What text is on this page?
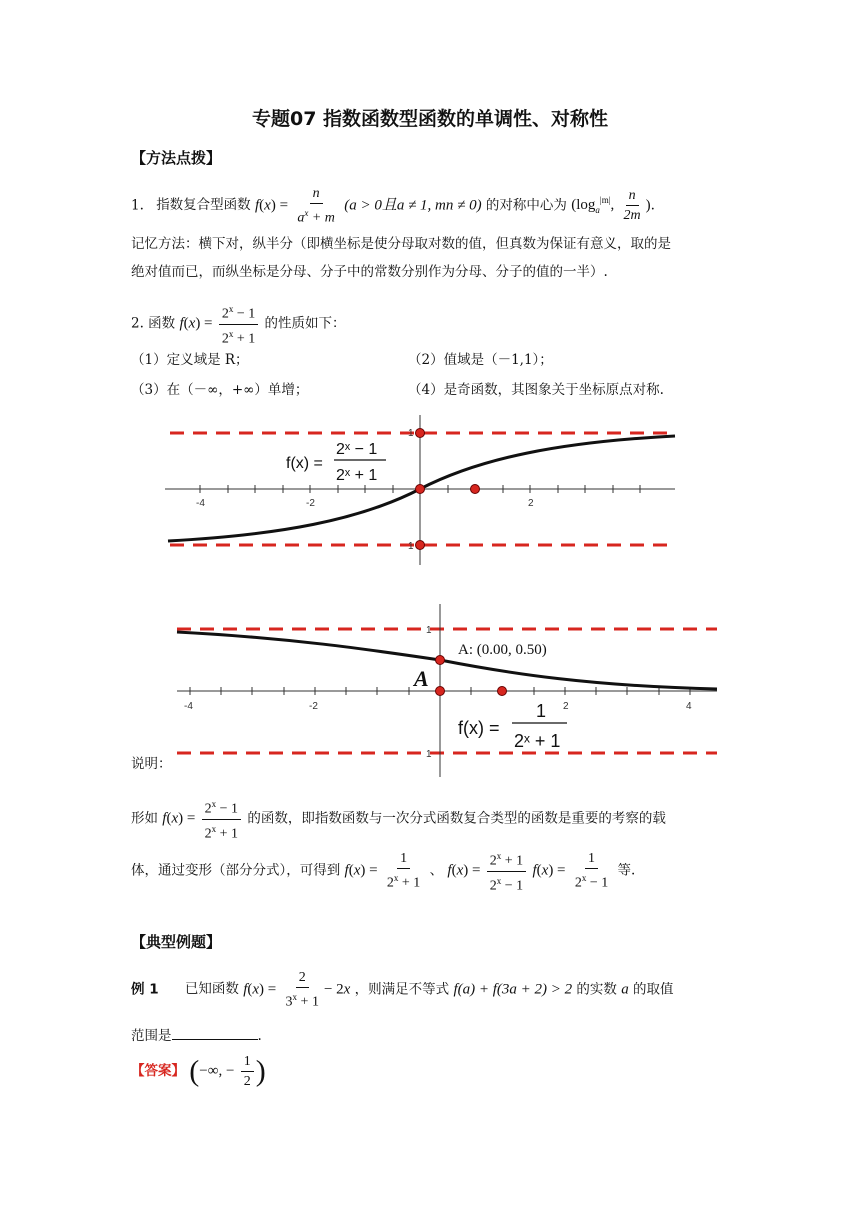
专题07 指数函数型函数的单调性、对称性
【方法点拨】
1. 指数复合型函数 $f(x) = \frac{n}{a^x + m} (a > 0$且a ≠ 1, mn ≠ 0) 的对称中心为 ($\log_a^{|m|}$, $\frac{n}{2m}$ ).
记忆方法：横下对，纵半分（即横坐标是使分母取对数的值，但真数为保证有意义，取的是
绝对值而已，而纵坐标是分母、分子中的常数分别作为分母、分子的值的一半）.
2. 函数 $f(x) = \frac{2^x - 1}{2^x + 1}$ 的性质如下：
（1）定义域是 R；	（2）值域是（－1,1）；
（3）在（－∞，+∞）单增；	（4）是奇函数，其图象关于坐标原点对称.
-4	-2	2
1
1
f(x) =
2ˣ − 1
2ˣ + 1
-4	-2	2	4
1
1
A: (0.00, 0.50)
A
f(x) =
1
2ˣ + 1
说明：
形如 $f(x) = \frac{2^x - 1}{2^x + 1}$ 的函数，即指数函数与一次分式函数复合类型的函数是重要的考察的载
体，通过变形（部分分式），可得到 $f(x) = \frac{1}{2^x + 1}$ 、 $f(x) = \frac{2^x + 1}{2^x - 1} f(x) = \frac{1}{2^x - 1}$ 等.
【典型例题】
例 1 已知函数 $f(x) = \frac{2}{3^x + 1} - 2x$ ，则满足不等式 f(a) + f(3a + 2) > 2 的实数 a 的取值
范围是	.
【答案】 (−∞, − $\frac{1}{2}$ )
